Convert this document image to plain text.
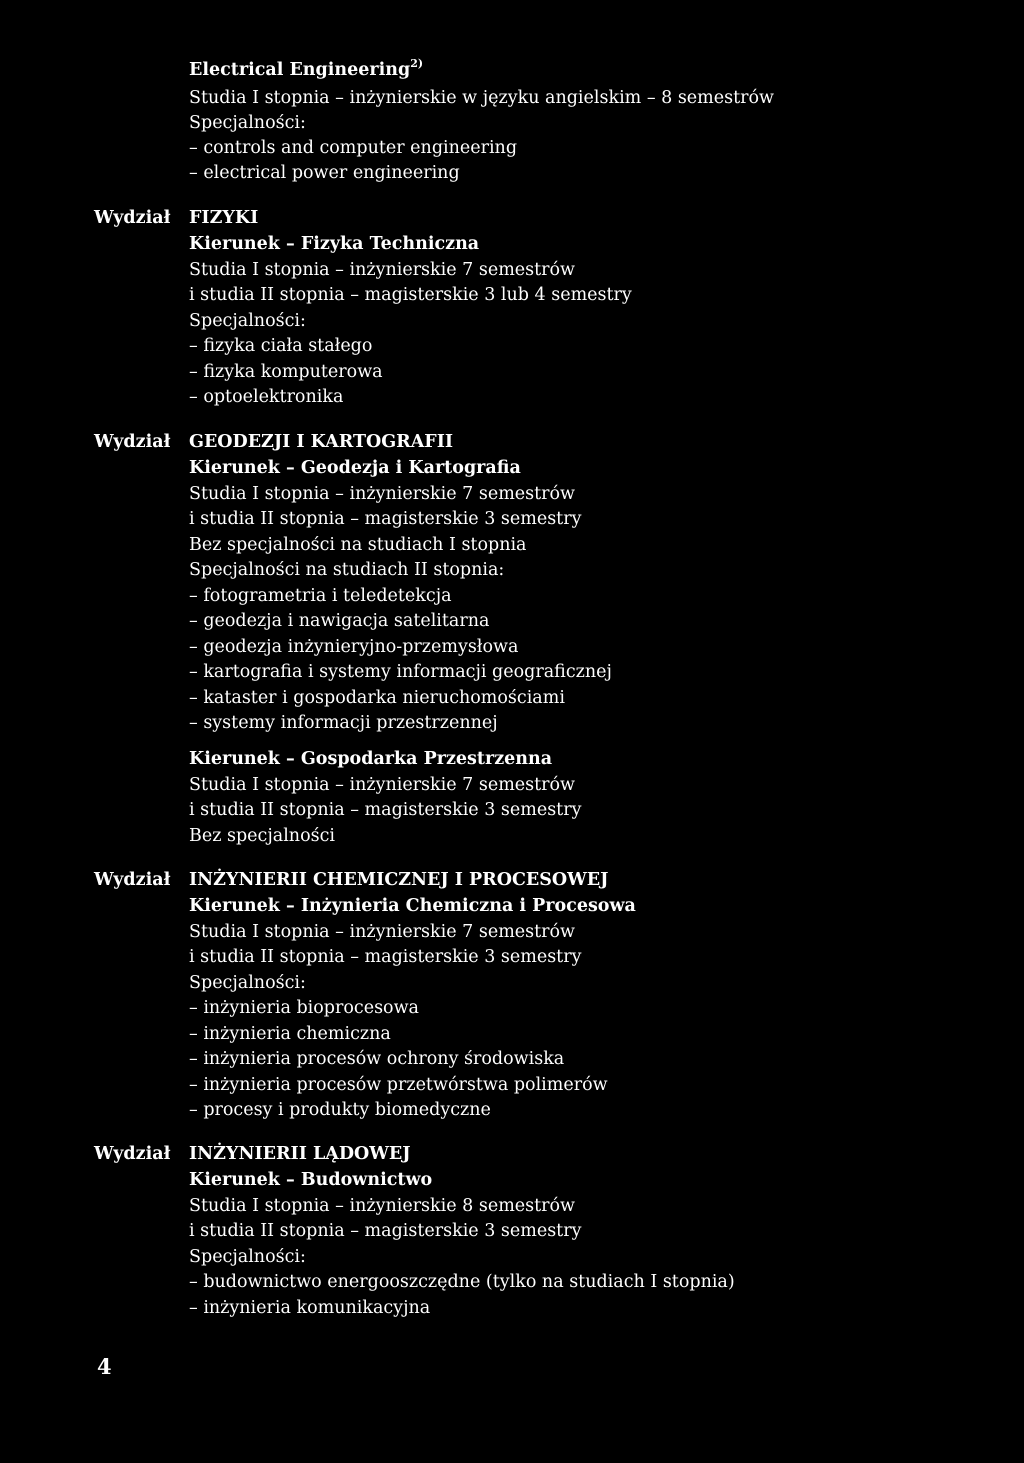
Electrical Engineering$^{2)}$
Studia I stopnia – inżynierskie w języku angielskim – 8 semestrów
Specjalności:
– controls and computer engineering
– electrical power engineering
Wydział FIZYKI
Kierunek – Fizyka Techniczna
Studia I stopnia – inżynierskie 7 semestrów
i studia II stopnia – magisterskie 3 lub 4 semestry
Specjalności:
– fizyka ciała stałego
– fizyka komputerowa
– optoelektronika
Wydział GEODEZJI I KARTOGRAFII
Kierunek – Geodezja i Kartografia
Studia I stopnia – inżynierskie 7 semestrów
i studia II stopnia – magisterskie 3 semestry
Bez specjalności na studiach I stopnia
Specjalności na studiach II stopnia:
– fotogrametria i teledetekcja
– geodezja i nawigacja satelitarna
– geodezja inżynieryjno-przemysłowa
– kartografia i systemy informacji geograficznej
– kataster i gospodarka nieruchomościami
– systemy informacji przestrzennej
Kierunek – Gospodarka Przestrzenna
Studia I stopnia – inżynierskie 7 semestrów
i studia II stopnia – magisterskie 3 semestry
Bez specjalności
Wydział INŻYNIERII CHEMICZNEJ I PROCESOWEJ
Kierunek – Inżynieria Chemiczna i Procesowa
Studia I stopnia – inżynierskie 7 semestrów
i studia II stopnia – magisterskie 3 semestry
Specjalności:
– inżynieria bioprocesowa
– inżynieria chemiczna
– inżynieria procesów ochrony środowiska
– inżynieria procesów przetwórstwa polimerów
– procesy i produkty biomedyczne
Wydział INŻYNIERII LĄDOWEJ
Kierunek – Budownictwo
Studia I stopnia – inżynierskie 8 semestrów
i studia II stopnia – magisterskie 3 semestry
Specjalności:
– budownictwo energooszczędne (tylko na studiach I stopnia)
– inżynieria komunikacyjna
4
